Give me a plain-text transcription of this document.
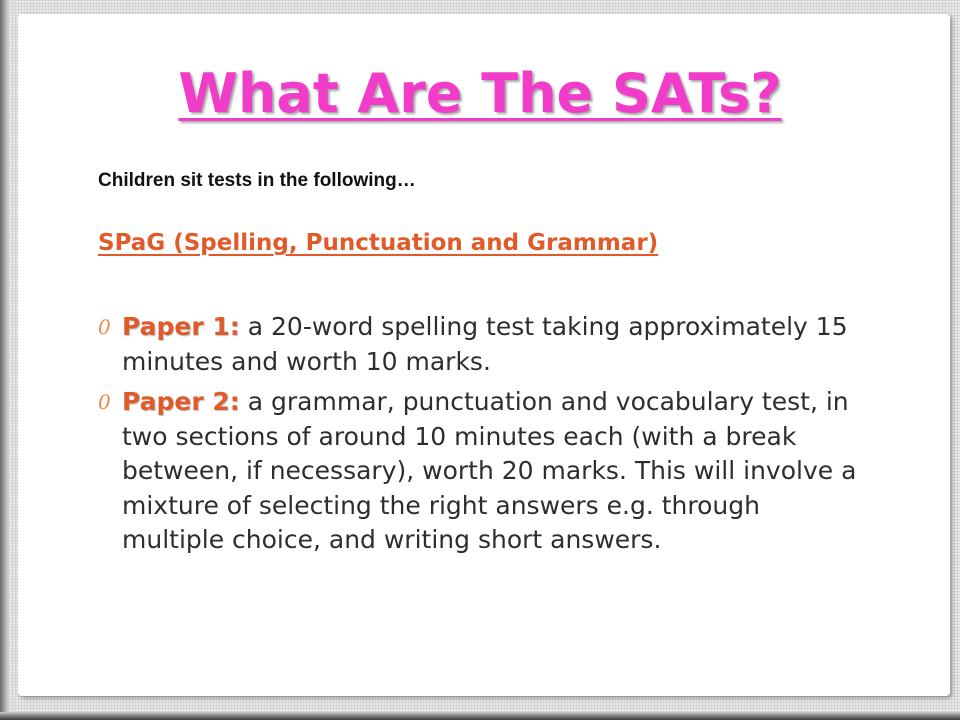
What Are The SATs?
Children sit tests in the following…
SPaG (Spelling, Punctuation and Grammar)
0 Paper 1: a 20-word spelling test taking approximately 15 minutes and worth 10 marks.
0 Paper 2: a grammar, punctuation and vocabulary test, in two sections of around 10 minutes each (with a break between, if necessary), worth 20 marks. This will involve a mixture of selecting the right answers e.g. through multiple choice, and writing short answers.
